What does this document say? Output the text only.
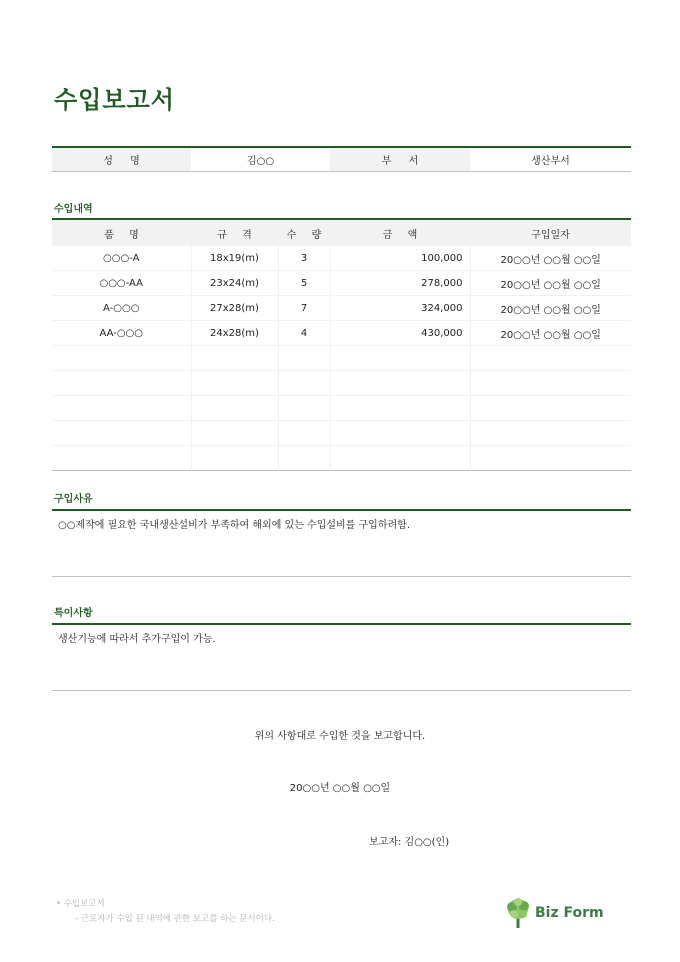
수입보고서
성 명	김○○	부 서	생산부서
수입내역
품 명	규 격	수 량	금 액	구입일자
○○○-A	18x19(m)	3	100,000	20○○년 ○○월 ○○일
○○○-AA	23x24(m)	5	278,000	20○○년 ○○월 ○○일
A-○○○	27x28(m)	7	324,000	20○○년 ○○월 ○○일
AA-○○○	24x28(m)	4	430,000	20○○년 ○○월 ○○일

구입사유

○○제작에 필요한 국내생산설비가 부족하여 해외에 있는 수입설비를 구입하려함.

특이사항

생산기능에 따라서 추가구입이 가능.

위의 사항대로 수입한 것을 보고합니다.

20○○년 ○○월 ○○일

보고자: 김○○(인)

• 수입보고서
- 근로자가 수입 된 내역에 관한 보고를 하는 문서이다.	Biz Form
